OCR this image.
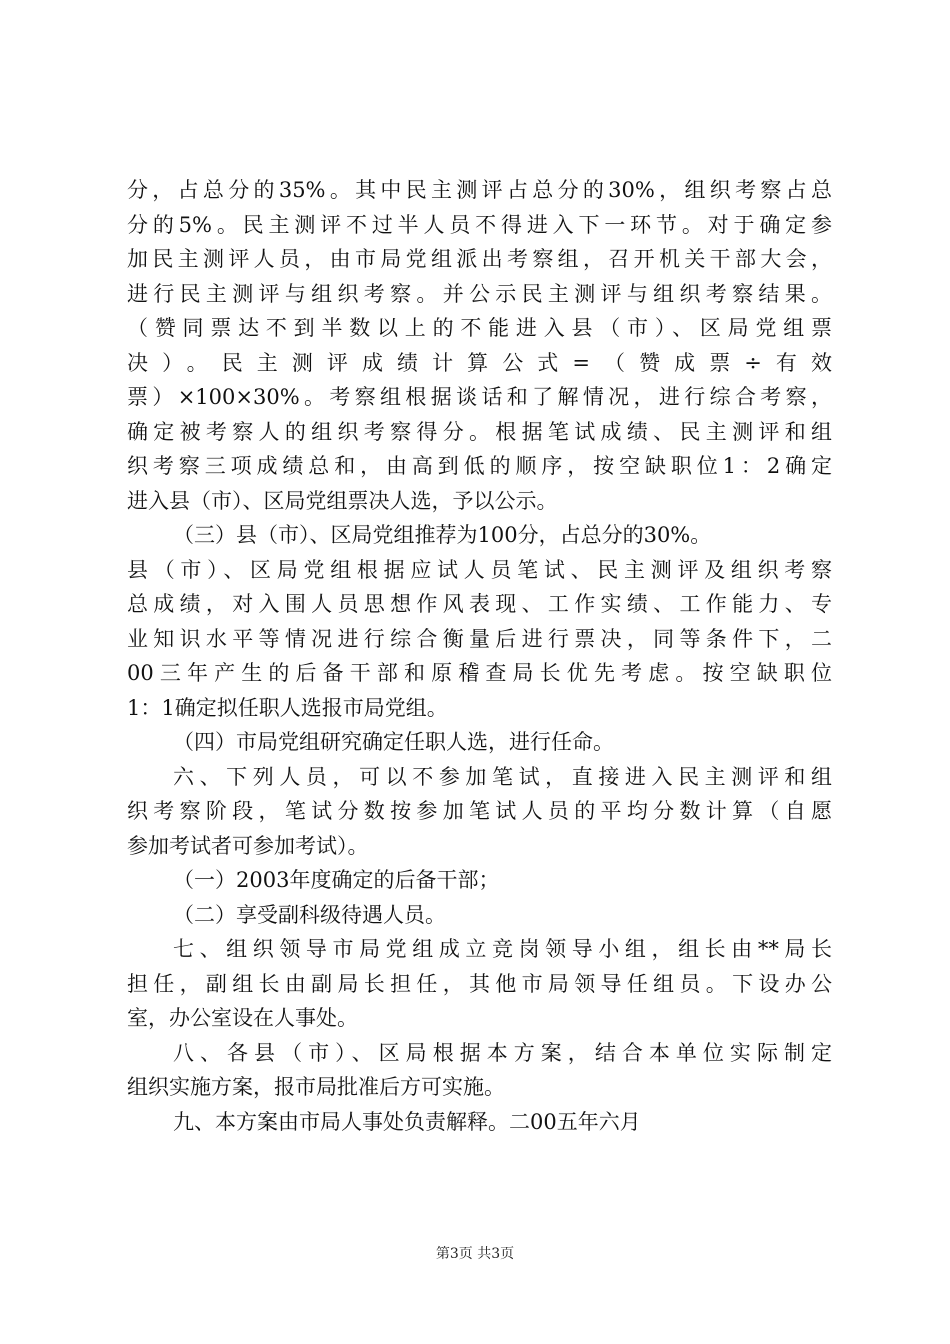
分，占总分的35%。其中民主测评占总分的30%，组织考察占总
分的5%。民主测评不过半人员不得进入下一环节。对于确定参
加民主测评人员，由市局党组派出考察组，召开机关干部大会，
进行民主测评与组织考察。并公示民主测评与组织考察结果。
（赞同票达不到半数以上的不能进入县（市）、区局党组票
决）。民主测评成绩计算公式=（赞成票÷有效
票）×100×30%。考察组根据谈话和了解情况，进行综合考察，
确定被考察人的组织考察得分。根据笔试成绩、民主测评和组
织考察三项成绩总和，由高到低的顺序，按空缺职位1：2确定
进入县（市）、区局党组票决人选，予以公示。
（三）县（市）、区局党组推荐为100分，占总分的30%。
县（市）、区局党组根据应试人员笔试、民主测评及组织考察
总成绩，对入围人员思想作风表现、工作实绩、工作能力、专
业知识水平等情况进行综合衡量后进行票决，同等条件下，二
00三年产生的后备干部和原稽查局长优先考虑。按空缺职位
1：1确定拟任职人选报市局党组。
（四）市局党组研究确定任职人选，进行任命。
六、下列人员，可以不参加笔试，直接进入民主测评和组
织考察阶段，笔试分数按参加笔试人员的平均分数计算（自愿
参加考试者可参加考试）。
（一）2003年度确定的后备干部；
（二）享受副科级待遇人员。
七、组织领导市局党组成立竞岗领导小组，组长由**局长
担任，副组长由副局长担任，其他市局领导任组员。下设办公
室，办公室设在人事处。
八、各县（市）、区局根据本方案，结合本单位实际制定
组织实施方案，报市局批准后方可实施。
九、本方案由市局人事处负责解释。二00五年六月
第3页 共3页
